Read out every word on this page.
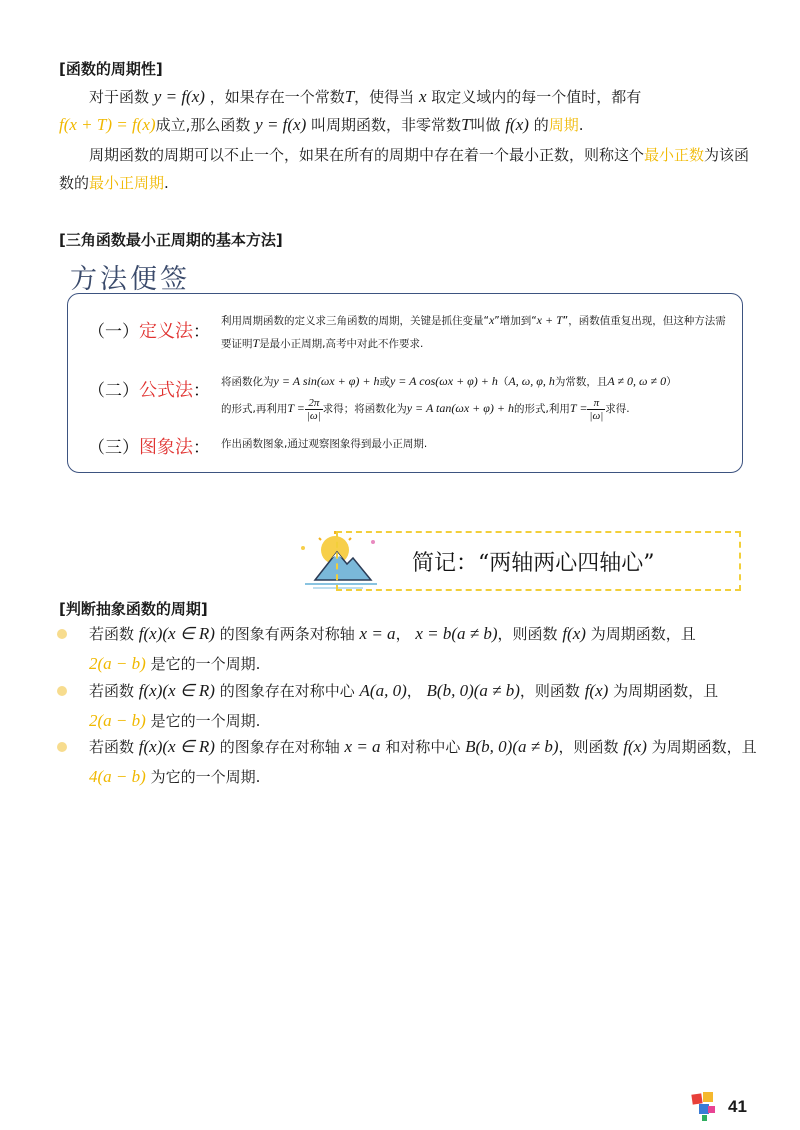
[函数的周期性]
对于函数 y = f(x) ，如果存在一个常数T，使得当 x 取定义域内的每一个值时，都有
f(x + T) = f(x)成立,那么函数 y = f(x) 叫周期函数，非零常数T叫做 f(x) 的周期.
周期函数的周期可以不止一个，如果在所有的周期中存在着一个最小正数，则称这个最小正数为该函数的最小正周期.
[三角函数最小正周期的基本方法]
方法便签
（一）定义法：
利用周期函数的定义求三角函数的周期，关键是抓住变量“x”增加到“x + T”，函数值重复出现，但这种方法需要证明T是最小正周期,高考中对此不作要求.
（二）公式法： 将函数化为y = A sin(ωx + φ) + h或y = A cos(ωx + φ) + h（A, ω, φ, h为常数，且A ≠ 0, ω ≠ 0）
的形式,再利用$T = \frac{2\pi}{|\omega|}$ 求得；将函数化为y = A tan(ωx + φ) + h的形式,利用$T = \frac{\pi}{|\omega|}$ 求得.
（三）图象法： 作出函数图象,通过观察图象得到最小正周期.
简记：“两轴两心四轴心”
[判断抽象函数的周期]
若函数 f(x)(x ∈ R) 的图象有两条对称轴 x = a， x = b(a ≠ b)，则函数 f(x) 为周期函数，且
2(a − b) 是它的一个周期.
若函数 f(x)(x ∈ R) 的图象存在对称中心 A(a, 0)， B(b, 0)(a ≠ b)，则函数 f(x) 为周期函数，且
2(a − b) 是它的一个周期.
若函数 f(x)(x ∈ R) 的图象存在对称轴 x = a 和对称中心 B(b, 0)(a ≠ b)，则函数 f(x) 为周期函数，且
4(a − b) 为它的一个周期.
41
